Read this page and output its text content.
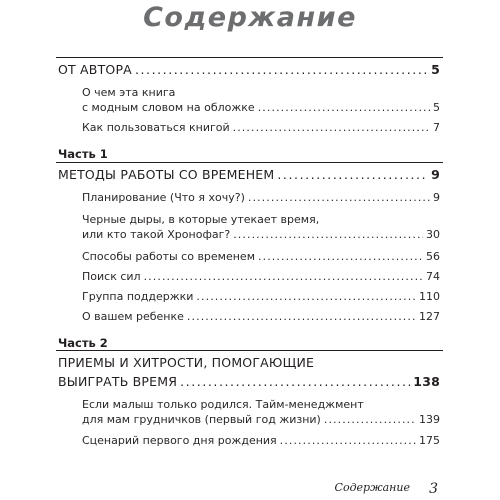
Содержание
ОТ АВТОРА . . .	5
О чем эта книга
с модным словом на обложке . . .	5
Как пользоваться книгой . . .	7
Часть 1
МЕТОДЫ РАБОТЫ СО ВРЕМЕНЕМ . . .	9
Планирование (Что я хочу?) . . .	9
Черные дыры, в которые утекает время,
или кто такой Хронофаг? . . .	30
Способы работы со временем . . .	56
Поиск сил . . .	74
Группа поддержки . . .	110
О вашем ребенке . . .	127
Часть 2
ПРИЕМЫ И ХИТРОСТИ, ПОМОГАЮЩИЕ
ВЫИГРАТЬ ВРЕМЯ . . .	138
Если малыш только родился. Тайм-менеджмент
для мам грудничков (первый год жизни) . . .	139
Сценарий первого дня рождения . . .	175
Содержание 3
